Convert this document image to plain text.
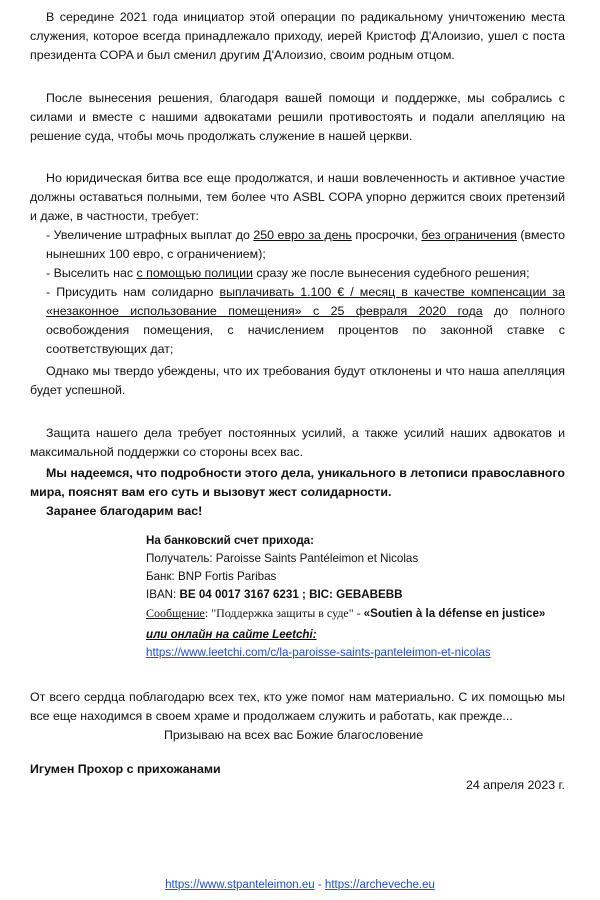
В середине 2021 года инициатор этой операции по радикальному уничтожению места служения, которое всегда принадлежало приходу, иерей Кристоф Д'Алоизио, ушел с поста президента COPA и был сменил другим Д'Алоизио, своим родным отцом.

После вынесения решения, благодаря вашей помощи и поддержке, мы собрались с силами и вместе с нашими адвокатами решили противостоять и подали апелляцию на решение суда, чтобы мочь продолжать служение в нашей церкви.

Но юридическая битва все еще продолжатся, и наши вовлеченность и активное участие должны оставаться полными, тем более что ASBL COPA упорно держится своих претензий и даже, в частности, требует:

- Увеличение штрафных выплат до 250 евро за день просрочки, без ограничения (вместо нынешних 100 евро, с ограничением);

- Выселить нас с помощью полиции сразу же после вынесения судебного решения;

- Присудить нам солидарно выплачивать 1.100 € / месяц в качестве компенсации за «незаконное использование помещения» с 25 февраля 2020 года до полного освобождения помещения, с начислением процентов по законной ставке с соответствующих дат;

Однако мы твердо убеждены, что их требования будут отклонены и что наша апелляция будет успешной.

Защита нашего дела требует постоянных усилий, а также усилий наших адвокатов и максимальной поддержки со стороны всех вас.

Мы надеемся, что подробности этого дела, уникального в летописи православного мира, пояснят вам его суть и вызовут жест солидарности.

Заранее благодарим вас!

На банковский счет прихода:
Получатель: Paroisse Saints Pantéleimon et Nicolas
Банк: BNP Fortis Paribas
IBAN: BE 04 0017 3167 6231 ; BIC: GEBABEBB
Сообщение: "Поддержка защиты в суде" - «Soutien à la défense en justice»
или онлайн на сайте Leetchi:
https://www.leetchi.com/c/la-paroisse-saints-panteleimon-et-nicolas

От всего сердца поблагодарю всех тех, кто уже помог нам материально. С их помощью мы все еще находимся в своем храме и продолжаем служить и работать, как прежде...

Призываю на всех вас Божие благословение

Игумен Прохор с прихожанами
24 апреля 2023 г.
https://www.stpanteleimon.eu - https://archeveche.eu
